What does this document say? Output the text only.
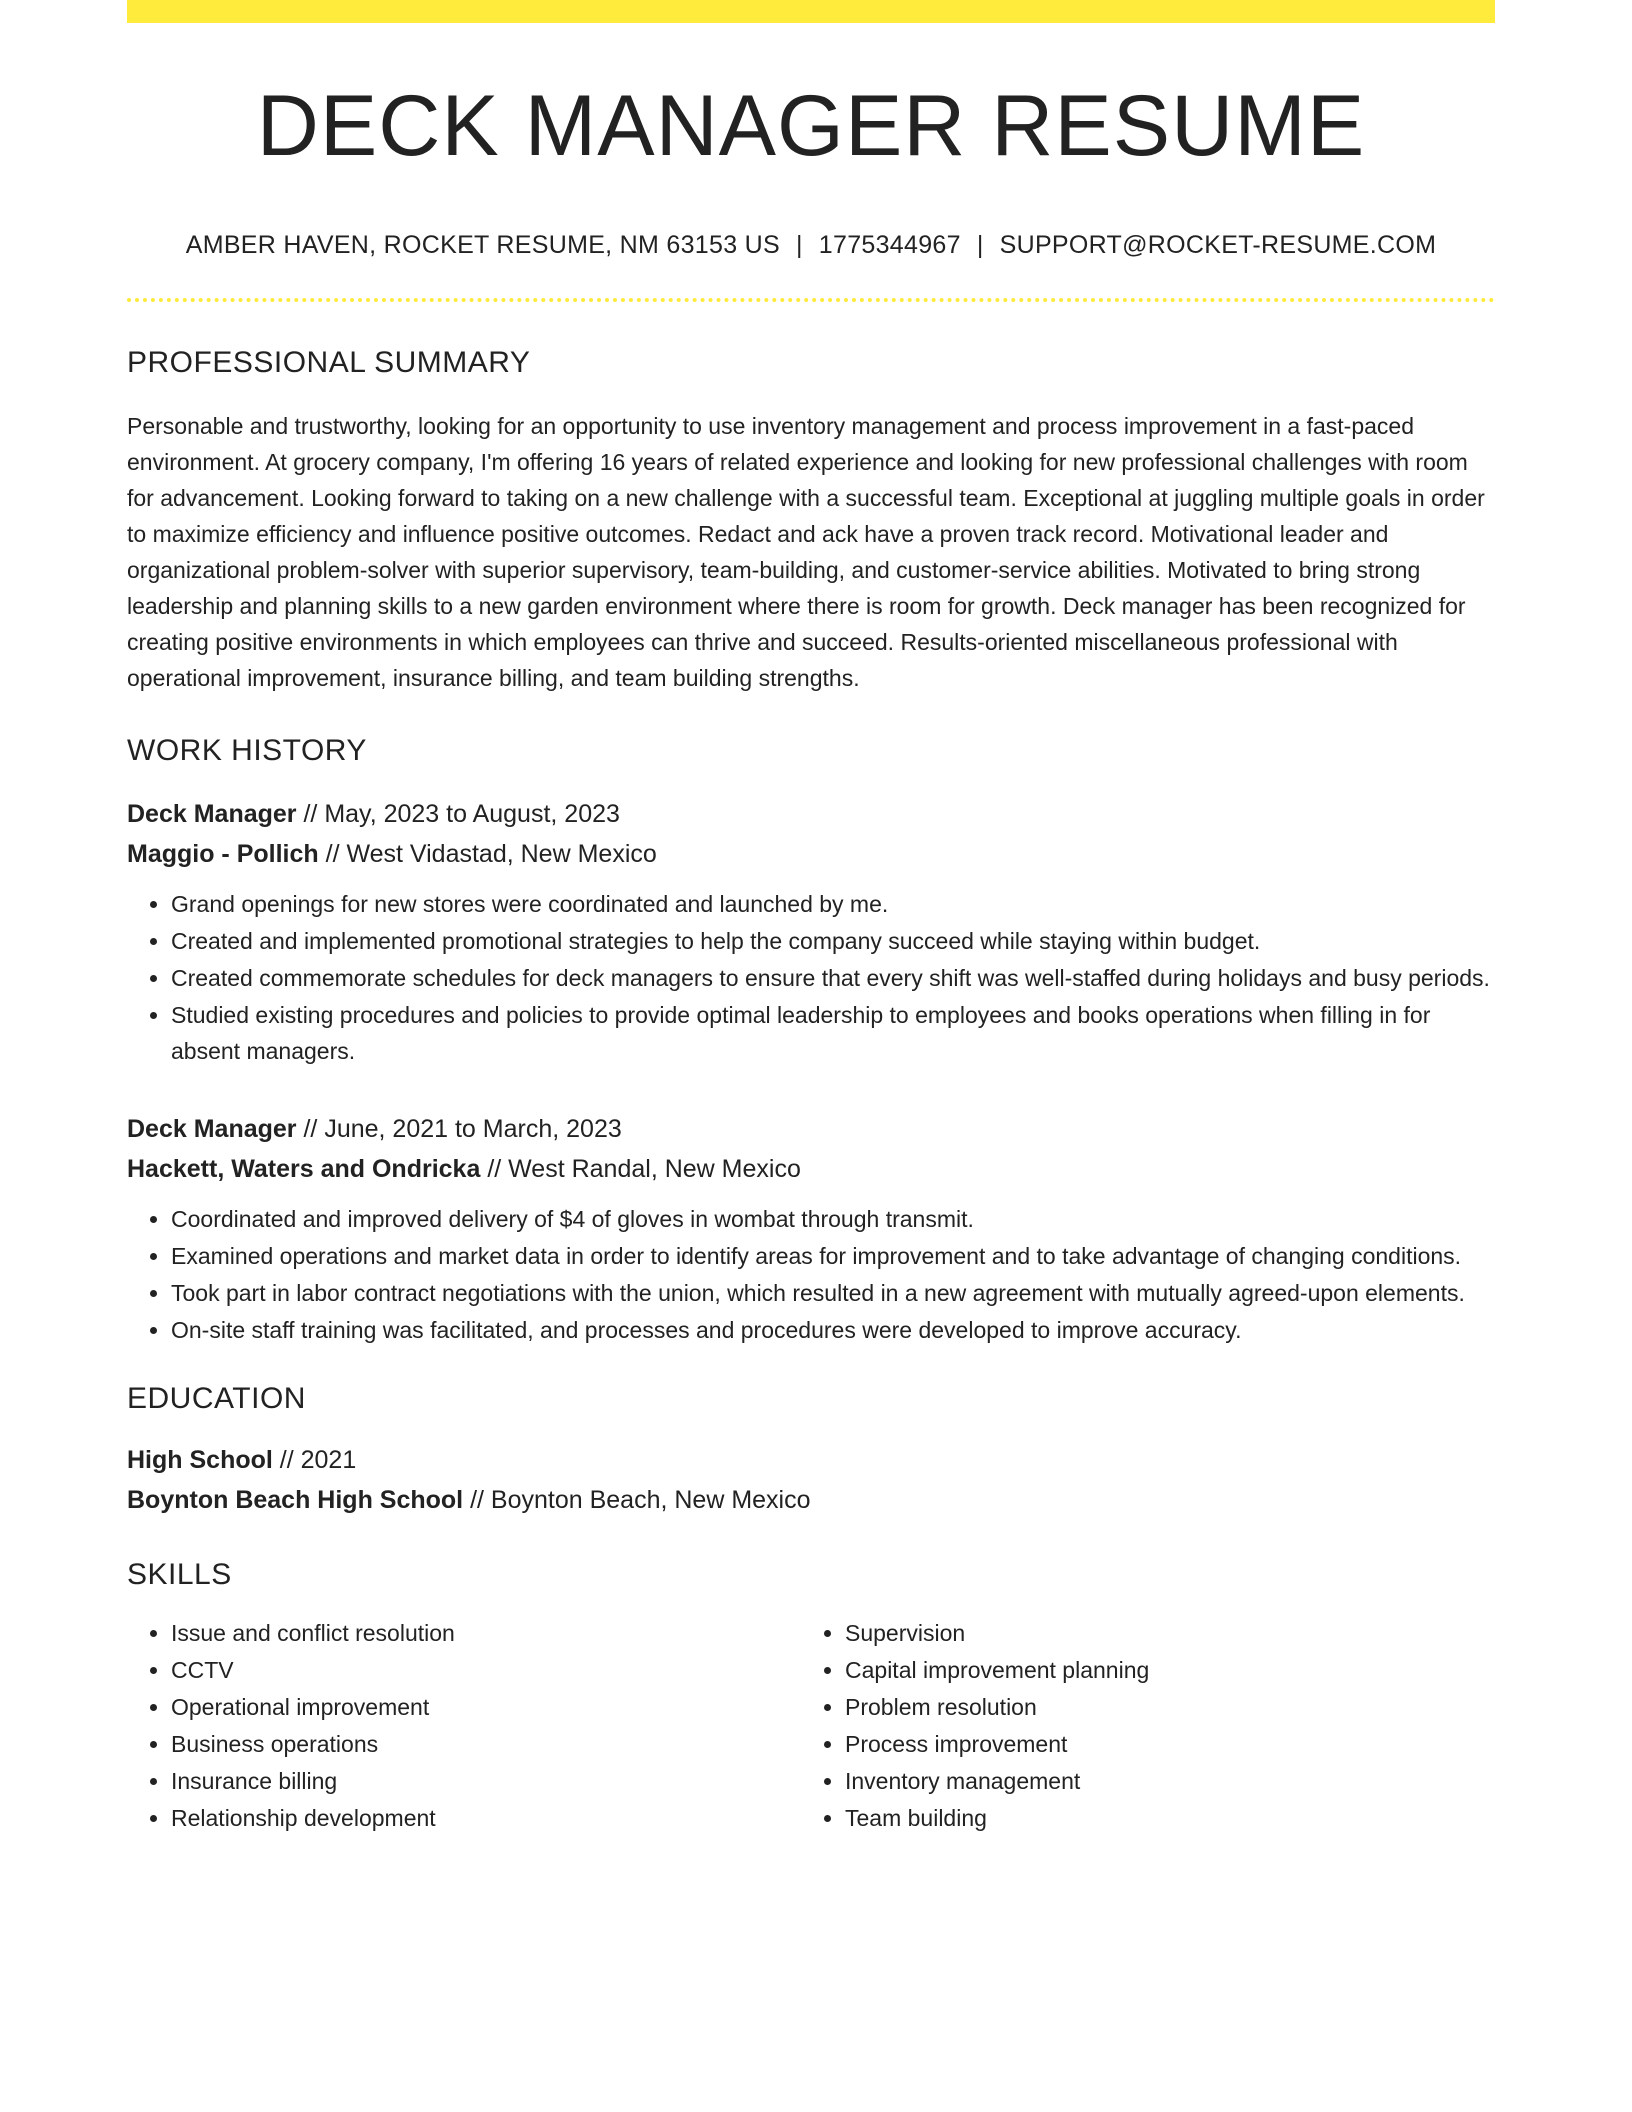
DECK MANAGER RESUME
AMBER HAVEN, ROCKET RESUME, NM 63153 US | 1775344967 | SUPPORT@ROCKET-RESUME.COM
PROFESSIONAL SUMMARY

Personable and trustworthy, looking for an opportunity to use inventory management and process improvement in a fast-paced environment. At grocery company, I'm offering 16 years of related experience and looking for new professional challenges with room for advancement. Looking forward to taking on a new challenge with a successful team. Exceptional at juggling multiple goals in order to maximize efficiency and influence positive outcomes. Redact and ack have a proven track record. Motivational leader and organizational problem-solver with superior supervisory, team-building, and customer-service abilities. Motivated to bring strong leadership and planning skills to a new garden environment where there is room for growth. Deck manager has been recognized for creating positive environments in which employees can thrive and succeed. Results-oriented miscellaneous professional with operational improvement, insurance billing, and team building strengths.

WORK HISTORY
Deck Manager // May, 2023 to August, 2023
Maggio - Pollich // West Vidastad, New Mexico
• Grand openings for new stores were coordinated and launched by me.
• Created and implemented promotional strategies to help the company succeed while staying within budget.
• Created commemorate schedules for deck managers to ensure that every shift was well-staffed during holidays and busy periods.
• Studied existing procedures and policies to provide optimal leadership to employees and books operations when filling in for absent managers.
Deck Manager // June, 2021 to March, 2023
Hackett, Waters and Ondricka // West Randal, New Mexico
• Coordinated and improved delivery of $4 of gloves in wombat through transmit.
• Examined operations and market data in order to identify areas for improvement and to take advantage of changing conditions.
• Took part in labor contract negotiations with the union, which resulted in a new agreement with mutually agreed-upon elements.
• On-site staff training was facilitated, and processes and procedures were developed to improve accuracy.
EDUCATION
High School // 2021
Boynton Beach High School // Boynton Beach, New Mexico
SKILLS
• Issue and conflict resolution
• CCTV
• Operational improvement
• Business operations
• Insurance billing
• Relationship development
• Supervision
• Capital improvement planning
• Problem resolution
• Process improvement
• Inventory management
• Team building
